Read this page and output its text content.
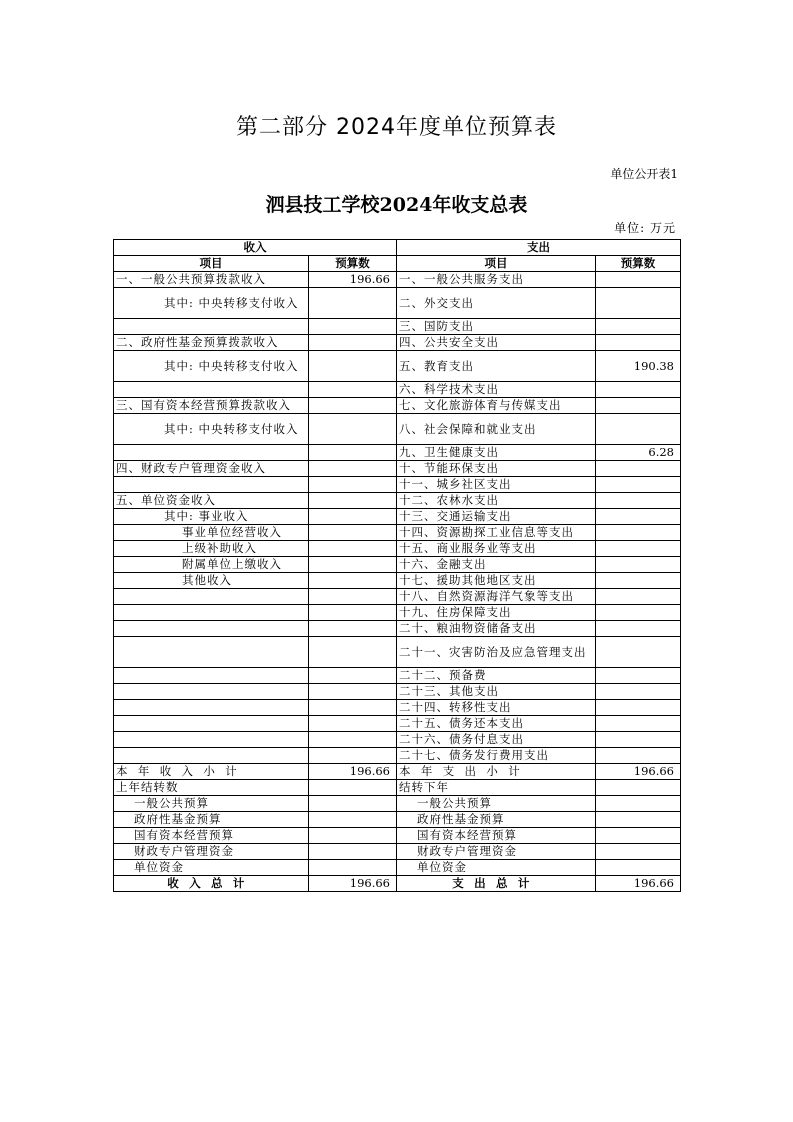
第二部分 2024年度单位预算表
单位公开表1
泗县技工学校2024年收支总表
单位: 万元
收入		支出	
项目	预算数	项目	预算数
一、一般公共预算拨款收入	196.66	一、一般公共服务支出	
其中: 中央转移支付收入		二、外交支出	
		三、国防支出	
二、政府性基金预算拨款收入		四、公共安全支出	
其中: 中央转移支付收入		五、教育支出	190.38
		六、科学技术支出	
三、国有资本经营预算拨款收入		七、文化旅游体育与传媒支出	
其中: 中央转移支付收入		八、社会保障和就业支出	
		九、卫生健康支出	6.28
四、财政专户管理资金收入		十、节能环保支出	
		十一、城乡社区支出	
五、单位资金收入		十二、农林水支出	
其中: 事业收入		十三、交通运输支出	
事业单位经营收入		十四、资源勘探工业信息等支出	
上级补助收入		十五、商业服务业等支出	
附属单位上缴收入		十六、金融支出	
其他收入		十七、援助其他地区支出	
		十八、自然资源海洋气象等支出	
		十九、住房保障支出	
		二十、粮油物资储备支出	
		二十一、灾害防治及应急管理支出	
		二十二、预备费	
		二十三、其他支出	
		二十四、转移性支出	
		二十五、债务还本支出	
		二十六、债务付息支出	
		二十七、债务发行费用支出	
本年收入小计	196.66	本年支出小计	196.66
上年结转数		结转下年	
一般公共预算		一般公共预算	
政府性基金预算		政府性基金预算	
国有资本经营预算		国有资本经营预算	
财政专户管理资金		财政专户管理资金	
单位资金		单位资金	
收入总计	196.66	支出总计	196.66
